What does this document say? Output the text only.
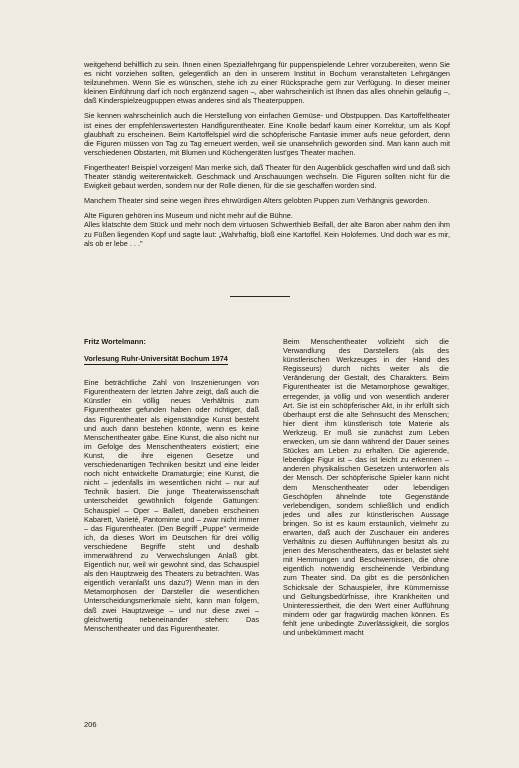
weitgehend behilflich zu sein. Ihnen einen Spezialfehrgang für puppenspielende Lehrer vorzubereiten, wenn Sie es nicht vorziehen sollten, gelegentlich an den in unserem Institut in Bochum veranstalteten Lehrgängen teilzunehmen. Wenn Sie es wünschen, stehe ich zu einer Rücksprache gern zur Verfügung. In dieser meiner kleinen Einführung darf ich noch ergänzend sagen –, aber wahrscheinlich ist Ihnen das alles ohnehin geläufig –, daß Kinderspielzeugpuppen etwas anderes sind als Theaterpuppen.

Sie kennen wahrscheinlich auch die Herstellung von einfachen Gemüse- und Obstpuppen. Das Kartoffeltheater ist eines der empfehlenswertesten Handfigurentheater. Eine Knolle bedarf kaum einer Korrektur, um als Kopf glaubhaft zu erscheinen. Beim Kartoffelspiel wird die schöpferische Fantasie immer aufs neue gefordert, denn die Figuren müssen von Tag zu Tag erneuert werden, weil sie unansehnlich geworden sind. Man kann auch mit verschiedenen Obstarten, mit Blumen und Küchengeräten lust'ges Theater machen.

Fingertheater! Beispiel vorzeigen! Man merke sich, daß Theater für den Augenblick geschaffen wird und daß sich Theater ständig weiterentwickelt. Geschmack und Anschauungen wechseln. Die Figuren sollten nicht für die Ewigkeit gebaut werden, sondern nur der Rolle dienen, für die sie geschaffen worden sind.

Manchem Theater sind seine wegen ihres ehrwürdigen Alters gelobten Puppen zum Verhängnis geworden.

Alte Figuren gehören ins Museum und nicht mehr auf die Bühne.

Alles klatschte dem Stück und mehr noch dem virtuosen Schwerthieb Beifall, der alte Baron aber nahm den ihm zu Füßen liegenden Kopf und sagte laut: „Wahrhaftig, bloß eine Kartoffel. Kein Holofernes. Und doch war es mir, als ob er lebe . . ."

Fritz Wortelmann:

Vorlesung Ruhr-Universität Bochum 1974

Eine beträchtliche Zahl von Inszenierungen von Figurentheatern der letzten Jahre zeigt, daß auch die Künstler ein völlig neues Verhältnis zum Figurentheater gefunden haben oder richtiger, daß das Figurentheater als eigenständige Kunst besteht und auch dann bestehen könnte, wenn es keine Menschentheater gäbe. Eine Kunst, die also nicht nur im Gefolge des Menschentheaters existiert; eine Kunst, die ihre eigenen Gesetze und verschiedenartigen Techniken besitzt und eine leider noch nicht entwickelte Dramaturgie; eine Kunst, die nicht – jedenfalls im wesentlichen nicht – nur auf Technik basiert. Die junge Theaterwissenschaft unterscheidet gewöhnlich folgende Gattungen: Schauspiel – Oper – Ballett, daneben erscheinen Kabarett, Varieté, Pantomime und – zwar nicht immer – das Figurentheater. (Den Begriff „Puppe" vermeide ich, da dieses Wort im Deutschen für drei völlig verschiedene Begriffe steht und deshalb immerwährend zu Verwechslungen Anlaß gibt. Eigentlich nur, weil wir gewohnt sind, das Schauspiel als den Hauptzweig des Theaters zu betrachten. Was eigentlich veranlaßt uns dazu?) Wenn man in den Metamorphosen der Darsteller die wesentlichen Unterscheidungsmerkmale sieht, kann man folgern, daß zwei Hauptzweige – und nur diese zwei – gleichwertig nebeneinander stehen: Das Menschentheater und das Figurentheater.

Beim Menschentheater vollzieht sich die Verwandlung des Darstellers (als des künstlerischen Werkzeuges in der Hand des Regisseurs) durch nichts weiter als die Veränderung der Gestalt, des Charakters. Beim Figurentheater ist die Metamorphose gewaltiger, erregender, ja völlig und von wesentlich anderer Art. Sie ist ein schöpferischer Akt, in ihr erfüllt sich überhaupt erst die alte Sehnsucht des Menschen; hier dient ihm künstlerisch tote Materie als Werkzeug. Er muß sie zunächst zum Leben erwecken, um sie dann während der Dauer seines Stückes am Leben zu erhalten. Die agierende, lebendige Figur ist – das ist leicht zu erkennen – anderen physikalischen Gesetzen unterworfen als der Mensch. Der schöpferische Spieler kann nicht dem Menschentheater oder lebendigen Geschöpfen ähnelnde tote Gegenstände verlebendigen, sondern schließlich und endlich jedes und alles zur künstlerischen Aussage bringen. So ist es kaum erstaunlich, vielmehr zu erwarten, daß auch der Zuschauer ein anderes Verhältnis zu diesen Aufführungen besitzt als zu jenen des Menschentheaters, das er belastet sieht mit Hemmungen und Beschwernissen, die ohne eigentlich notwendig erscheinende Verbindung zum Theater sind. Da gibt es die persönlichen Schicksale der Schauspieler, ihre Kümmernisse und Geltungsbedürfnisse, ihre Krankheiten und Uninteressiertheit, die den Wert einer Aufführung mindern oder gar fragwürdig machen können. Es fehlt jene unbedingte Zuverlässigkeit, die sorglos und unbekümmert macht

206
